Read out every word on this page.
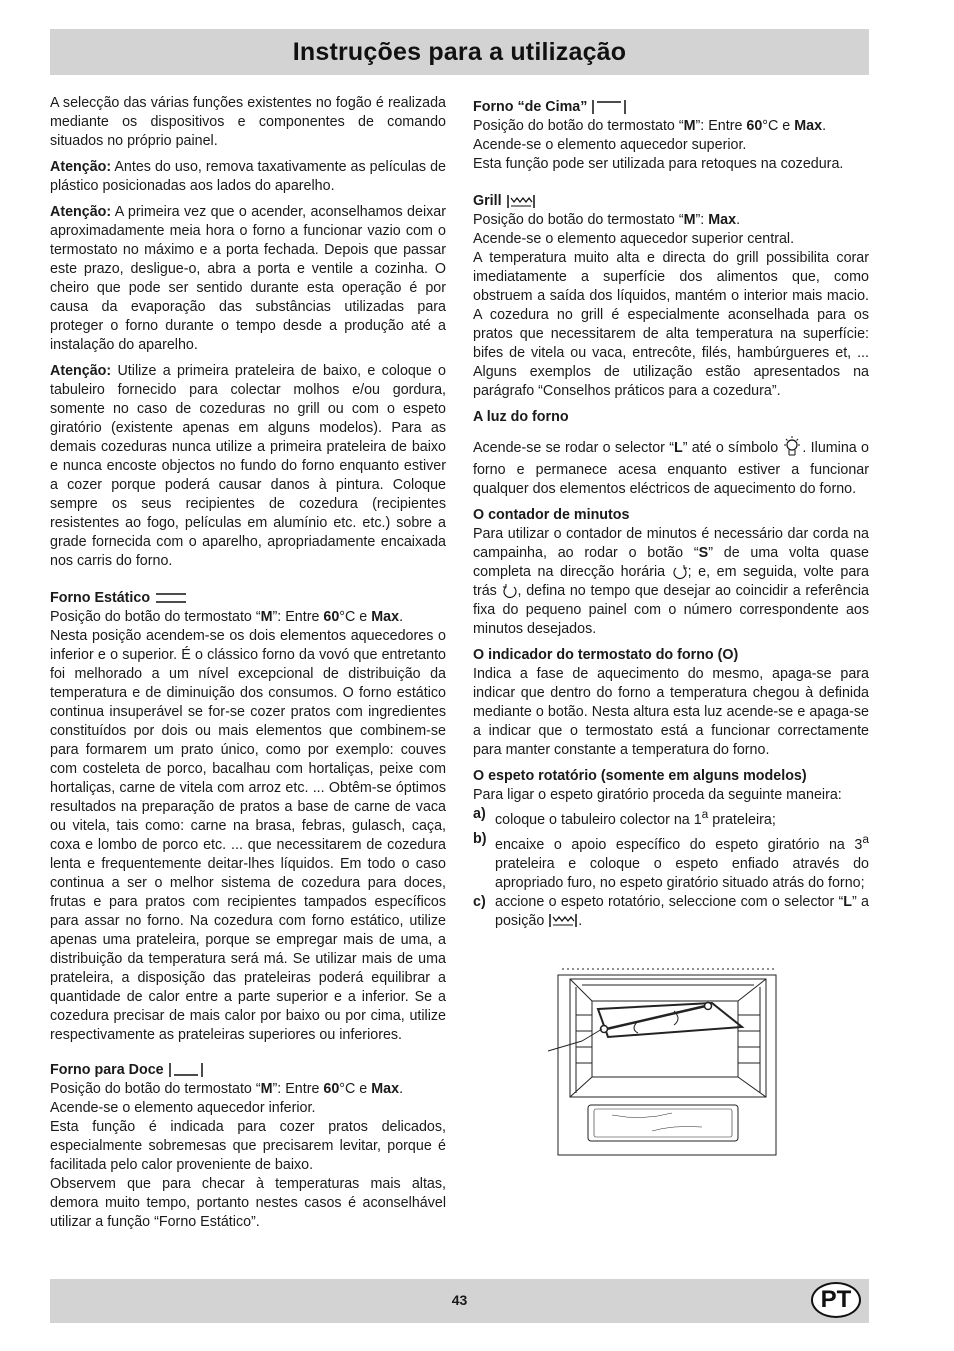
Instruções para a utilização

A selecção das várias funções existentes no fogão é realizada mediante os dispositivos e componentes de comando situados no próprio painel.

Atenção: Antes do uso, remova taxativamente as películas de plástico posicionadas aos lados do aparelho.

Atenção: A primeira vez que o acender, aconselhamos deixar aproximadamente meia hora o forno a funcionar vazio com o termostato no máximo e a porta fechada. Depois que passar este prazo, desligue-o, abra a porta e ventile a cozinha. O cheiro que pode ser sentido durante esta operação é por causa da evaporação das substâncias utilizadas para proteger o forno durante o tempo desde a produção até a instalação do aparelho.

Atenção: Utilize a primeira prateleira de baixo, e coloque o tabuleiro fornecido para colectar molhos e/ou gordura, somente no caso de cozeduras no grill ou com o espeto giratório (existente apenas em alguns modelos). Para as demais cozeduras nunca utilize a primeira prateleira de baixo e nunca encoste objectos no fundo do forno enquanto estiver a cozer porque poderá causar danos à pintura. Coloque sempre os seus recipientes de cozedura (recipientes resistentes ao fogo, películas em alumínio etc. etc.) sobre a grade fornecida com o aparelho, apropriadamente encaixada nos carris do forno.

Forno Estático
Posição do botão do termostato “M”: Entre 60°C e Max.
Nesta posição acendem-se os dois elementos aquecedores o inferior e o superior. É o clássico forno da vovó que entretanto foi melhorado a um nível excepcional de distribuição da temperatura e de diminuição dos consumos. O forno estático continua insuperável se for-se cozer pratos com ingredientes constituídos por dois ou mais elementos que combinem-se para formarem um prato único, como por exemplo: couves com costeleta de porco, bacalhau com hortaliças, peixe com hortaliças, carne de vitela com arroz etc. ... Obtêm-se óptimos resultados na preparação de pratos a base de carne de vaca ou vitela, tais como: carne na brasa, febras, gulasch, caça, coxa e lombo de porco etc. ... que necessitarem de cozedura lenta e frequentemente deitar-lhes líquidos. Em todo o caso continua a ser o melhor sistema de cozedura para doces, frutas e para pratos com recipientes tampados específicos para assar no forno. Na cozedura com forno estático, utilize apenas uma prateleira, porque se empregar mais de uma, a distribuição da temperatura será má. Se utilizar mais de uma prateleira, a disposição das prateleiras poderá equilibrar a quantidade de calor entre a parte superior e a inferior. Se a cozedura precisar de mais calor por baixo ou por cima, utilize respectivamente as prateleiras superiores ou inferiores.

Forno para Doce
Posição do botão do termostato “M”: Entre 60°C e Max.
Acende-se o elemento aquecedor inferior.
Esta função é indicada para cozer pratos delicados, especialmente sobremesas que precisarem levitar, porque é facilitada pelo calor proveniente de baixo.
Observem que para checar à temperaturas mais altas, demora muito tempo, portanto nestes casos é aconselhável utilizar a função “Forno Estático”.

Forno “de Cima”
Posição do botão do termostato “M”: Entre 60°C e Max.
Acende-se o elemento aquecedor superior.
Esta função pode ser utilizada para retoques na cozedura.

Grill
Posição do botão do termostato “M”: Max.
Acende-se o elemento aquecedor superior central.
A temperatura muito alta e directa do grill possibilita corar imediatamente a superfície dos alimentos que, como obstruem a saída dos líquidos, mantém o interior mais macio. A cozedura no grill é especialmente aconselhada para os pratos que necessitarem de alta temperatura na superfície: bifes de vitela ou vaca, entrecôte, filés, hambúrgueres et, ... Alguns exemplos de utilização estão apresentados na parágrafo “Conselhos práticos para a cozedura”.

A luz do forno
Acende-se se rodar o selector “L” até o símbolo . Ilumina o forno e permanece acesa enquanto estiver a funcionar qualquer dos elementos eléctricos de aquecimento do forno.

O contador de minutos
Para utilizar o contador de minutos é necessário dar corda na campainha, ao rodar o botão “S” de uma volta quase completa na direcção horária ; e, em seguida, volte para trás , defina no tempo que desejar ao coincidir a referência fixa do pequeno painel com o número correspondente aos minutos desejados.

O indicador do termostato do forno (O)
Indica a fase de aquecimento do mesmo, apaga-se para indicar que dentro do forno a temperatura chegou à definida mediante o botão. Nesta altura esta luz acende-se e apaga-se a indicar que o termostato está a funcionar correctamente para manter constante a temperatura do forno.

O espeto rotatório (somente em alguns modelos)
Para ligar o espeto giratório proceda da seguinte maneira:

a) coloque o tabuleiro colector na 1$^a$ prateleira;
b) encaixe o apoio específico do espeto giratório na 3$^a$ prateleira e coloque o espeto enfiado através do apropriado furo, no espeto giratório situado atrás do forno;
c) accione o espeto rotatório, seleccione com o selector “L” a posição .
43	PT
